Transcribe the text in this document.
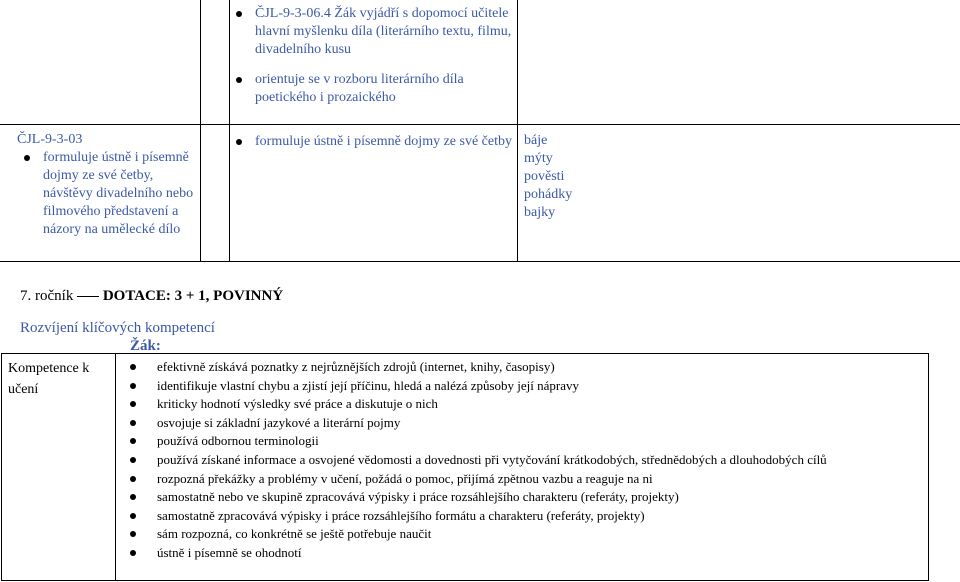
ČJL-9-3-06.4 Žák vyjádří s dopomocí učitele hlavní myšlenku díla (literárního textu, filmu, divadelního kusu
orientuje se v rozboru literárního díla poetického i prozaického
ČJL-9-3-03
formuluje ústně i písemně dojmy ze své četby, návštěvy divadelního nebo filmového představení a názory na umělecké dílo
formuluje ústně i písemně dojmy ze své četby báje
mýty
pověsti
pohádky
bajky
7. ročník DOTACE: 3 + 1, POVINNÝ
Rozvíjení klíčových kompetencí
Žák:
Kompetence k učení
efektivně získává poznatky z nejrůznějších zdrojů (internet, knihy, časopisy)
identifikuje vlastní chybu a zjistí její příčinu, hledá a nalézá způsoby její nápravy
kriticky hodnotí výsledky své práce a diskutuje o nich
osvojuje si základní jazykové a literární pojmy
používá odbornou terminologii
používá získané informace a osvojené vědomosti a dovednosti při vytyčování krátkodobých, střednědobých a dlouhodobých cílů
rozpozná překážky a problémy v učení, požádá o pomoc, přijímá zpětnou vazbu a reaguje na ni
samostatně nebo ve skupině zpracovává výpisky i práce rozsáhlejšího charakteru (referáty, projekty)
samostatně zpracovává výpisky i práce rozsáhlejšího formátu a charakteru (referáty, projekty)
sám rozpozná, co konkrétně se ještě potřebuje naučit
ústně i písemně se ohodnotí
